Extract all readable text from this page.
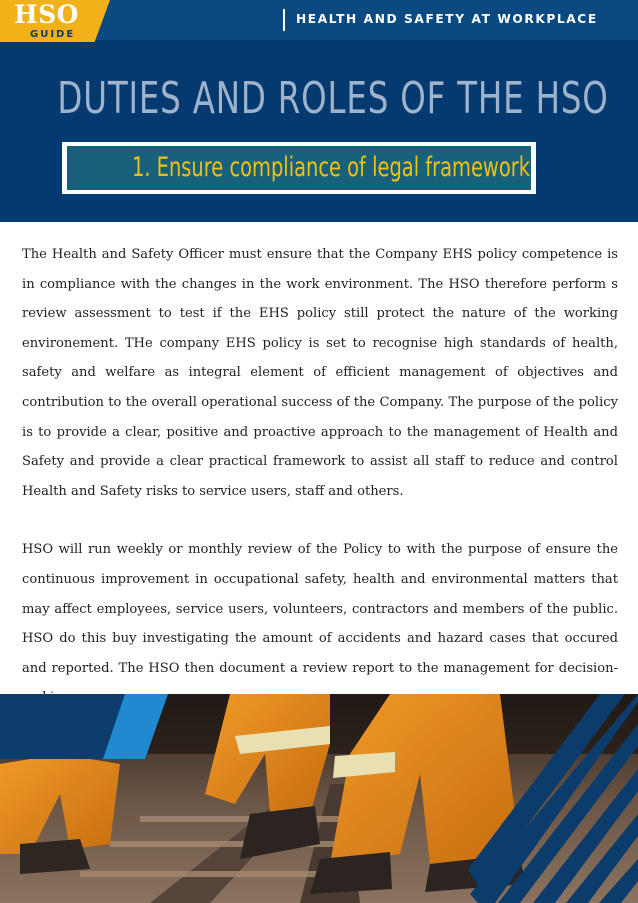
HSO
GUIDE
HEALTH AND SAFETY AT WORKPLACE
DUTIES AND ROLES OF THE HSO
1. Ensure compliance of legal framework

The Health and Safety Officer must ensure that the Company EHS policy competence is in compliance with the changes in the work environment. The HSO therefore perform s review assessment to test if the EHS policy still protect the nature of the working environement. THe company EHS policy is set to recognise high standards of health, safety and welfare as integral element of efficient management of objectives and contribution to the overall operational success of the Company. The purpose of the policy is to provide a clear, positive and proactive approach to the management of Health and Safety and provide a clear practical framework to assist all staff to reduce and control Health and Safety risks to service users, staff and others.

HSO will run weekly or monthly review of the Policy to with the purpose of ensure the continuous improvement in occupational safety, health and environmental matters that may affect employees, service users, volunteers, contractors and members of the public. HSO do this buy investigating the amount of accidents and hazard cases that occured and reported. The HSO then document a review report to the management for decision-
